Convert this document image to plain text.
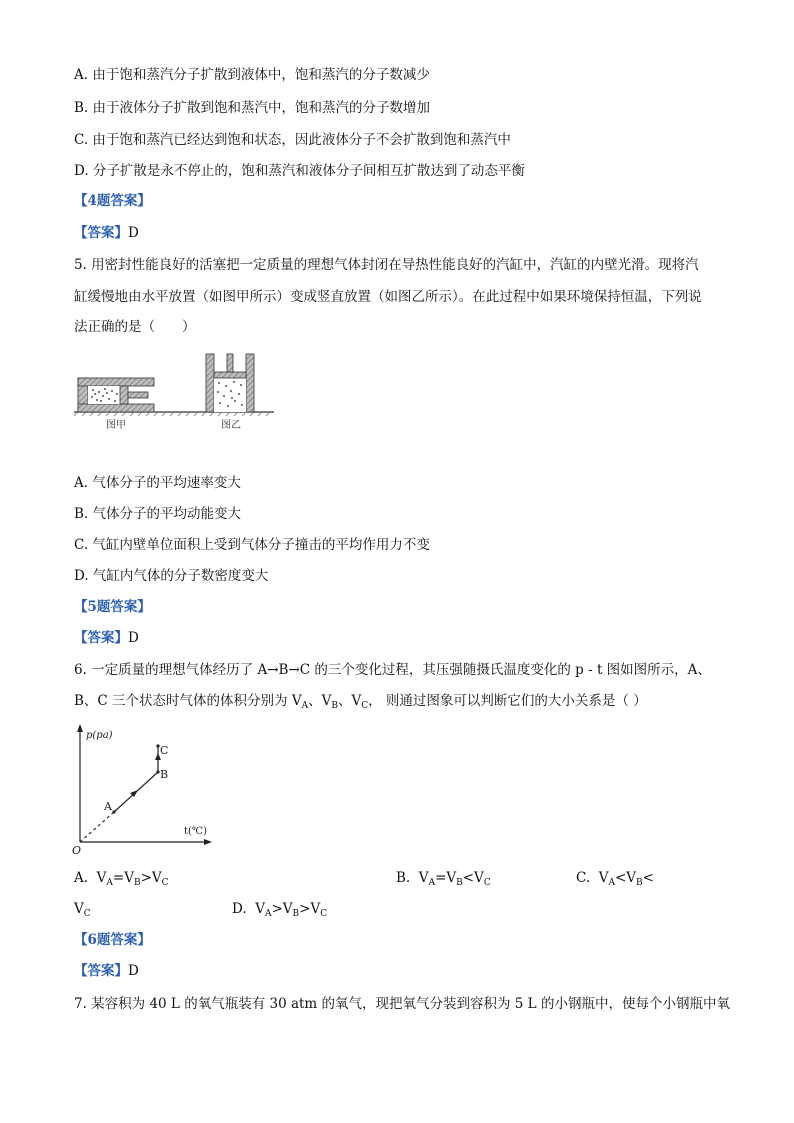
A. 由于饱和蒸汽分子扩散到液体中，饱和蒸汽的分子数减少
B. 由于液体分子扩散到饱和蒸汽中，饱和蒸汽的分子数增加
C. 由于饱和蒸汽已经达到饱和状态，因此液体分子不会扩散到饱和蒸汽中
D. 分子扩散是永不停止的，饱和蒸汽和液体分子间相互扩散达到了动态平衡
【4题答案】
【答案】D
5. 用密封性能良好的活塞把一定质量的理想气体封闭在导热性能良好的汽缸中，汽缸的内壁光滑。现将汽
缸缓慢地由水平放置（如图甲所示）变成竖直放置（如图乙所示）。在此过程中如果环境保持恒温，下列说
法正确的是（　　）
图甲	图乙
A. 气体分子的平均速率变大
B. 气体分子的平均动能变大
C. 气缸内壁单位面积上受到气体分子撞击的平均作用力不变
D. 气缸内气体的分子数密度变大
【5题答案】
【答案】D
6. 一定质量的理想气体经历了 A→B→C 的三个变化过程，其压强随摄氏温度变化的 p - t 图如图所示，A、
B、C 三个状态时气体的体积分别为 $V_A$、$V_B$、$V_C$， 则通过图象可以判断它们的大小关系是（ ）
p(pa)
t(℃)
O
A
B
C
A.  $V_A=V_B>V_C$	B.  $V_A=V_B<V_C$	C.  $V_A<V_B<$
$V_C$	D.  $V_A>V_B>V_C$
【6题答案】
【答案】D
7. 某容积为 40 L 的氧气瓶装有 30 atm 的氧气，现把氧气分装到容积为 5 L 的小钢瓶中，使每个小钢瓶中氧
